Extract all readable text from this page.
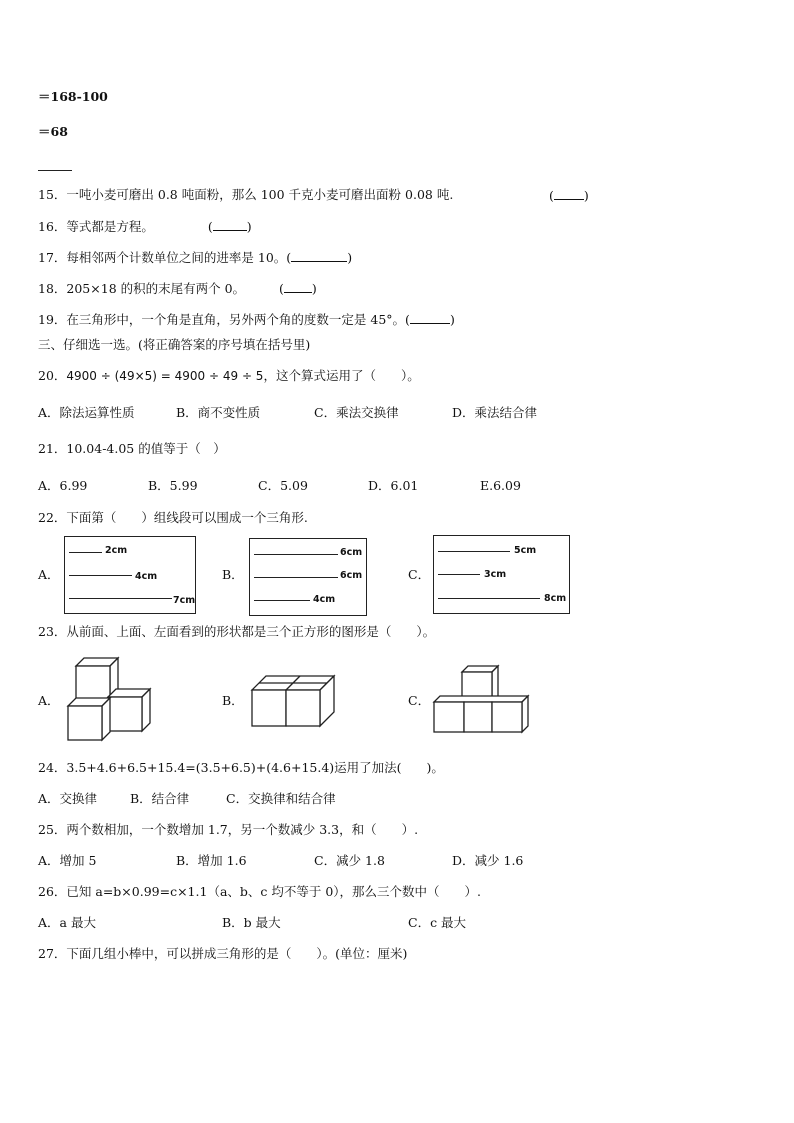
＝168-100
＝68
15．一吨小麦可磨出 0.8 吨面粉，那么 100 千克小麦可磨出面粉 0.08 吨.	( )
16．等式都是方程。	(	)
17．每相邻两个计数单位之间的进率是 10。(	)
18．205×18 的积的末尾有两个 0。	( )
19．在三角形中，一个角是直角，另外两个角的度数一定是 45°。(	)
三、仔细选一选。(将正确答案的序号填在括号里)
20．4900 ÷ (49×5) = 4900 ÷ 49 ÷ 5，这个算式运用了（　　）。
A．除法运算性质	B．商不变性质	C．乘法交换律	D．乘法结合律
21．10.04-4.05 的值等于（　）
A．6.99	B．5.99	C．5.09	D．6.01	E.6.09
22．下面第（　　）组线段可以围成一个三角形.
A．	B．	C．
2cm
4cm
7cm
6cm
6cm
4cm
5cm
3cm
8cm
23．从前面、上面、左面看到的形状都是三个正方形的图形是（　　）。
A．	B．	C．
24．3.5+4.6+6.5+15.4=(3.5+6.5)+(4.6+15.4)运用了加法(　　)。
A．交换律	B．结合律	C．交换律和结合律
25．两个数相加，一个数增加 1.7，另一个数减少 3.3，和（　　）.
A．增加 5	B．增加 1.6	C．减少 1.8	D．减少 1.6
26．已知 a=b×0.99=c×1.1（a、b、c 均不等于 0），那么三个数中（　　）.
A．a 最大	B．b 最大	C．c 最大
27．下面几组小棒中，可以拼成三角形的是（　　）。(单位：厘米)
